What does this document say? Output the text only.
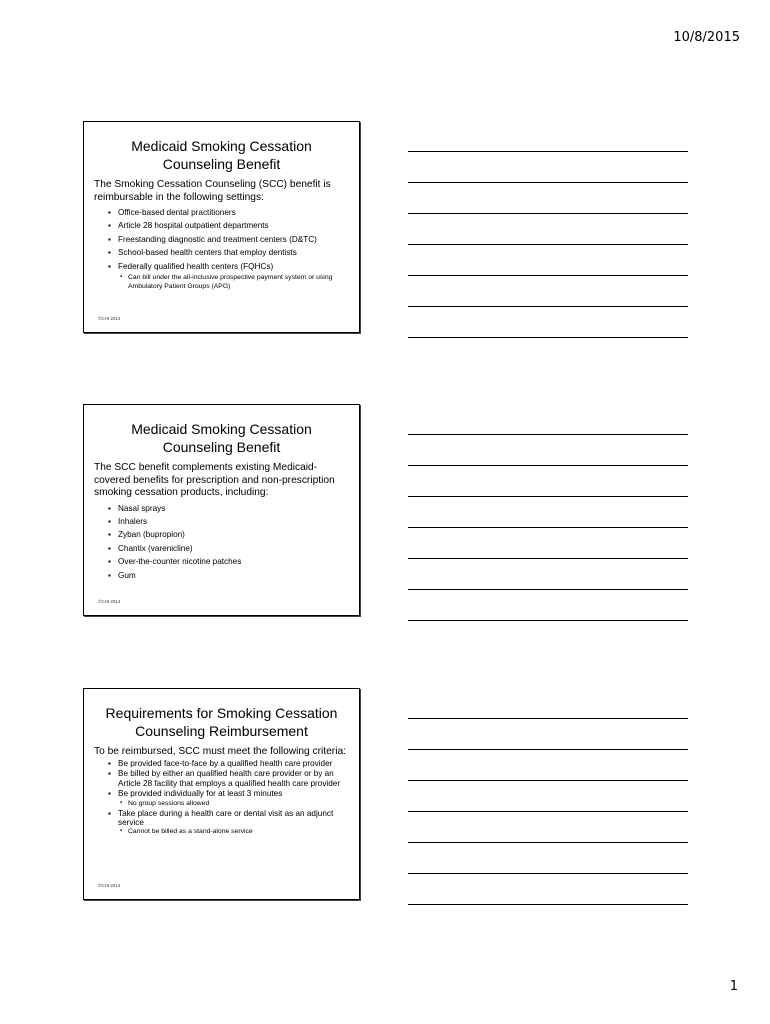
10/8/2015
Medicaid Smoking Cessation
Counseling Benefit

The Smoking Cessation Counseling (SCC) benefit is reimbursable in the following settings:

▪ Office-based dental practitioners
▪ Article 28 hospital outpatient departments
▪ Freestanding diagnostic and treatment centers (D&TC)
▪ School-based health centers that employ dentists
▪ Federally qualified health centers (FQHCs)
▪ Can bill under the all-inclusive prospective payment system or using Ambulatory Patient Groups (APG)
©CHI 2014
Medicaid Smoking Cessation
Counseling Benefit

The SCC benefit complements existing Medicaid-covered benefits for prescription and non-prescription smoking cessation products, including:

▪ Nasal sprays
▪ Inhalers
▪ Zyban (bupropion)
▪ Chantix (varenicline)
▪ Over-the-counter nicotine patches
▪ Gum
©CHI 2014
Requirements for Smoking Cessation
Counseling Reimbursement

To be reimbursed, SCC must meet the following criteria:

▪ Be provided face-to-face by a qualified health care provider
▪ Be billed by either an qualified health care provider or by an Article 28 facility that employs a qualified health care provider
▪ Be provided individually for at least 3 minutes
▪ No group sessions allowed
▪ Take place during a health care or dental visit as an adjunct service
▪ Cannot be billed as a stand-alone service
©CHI 2014
1
